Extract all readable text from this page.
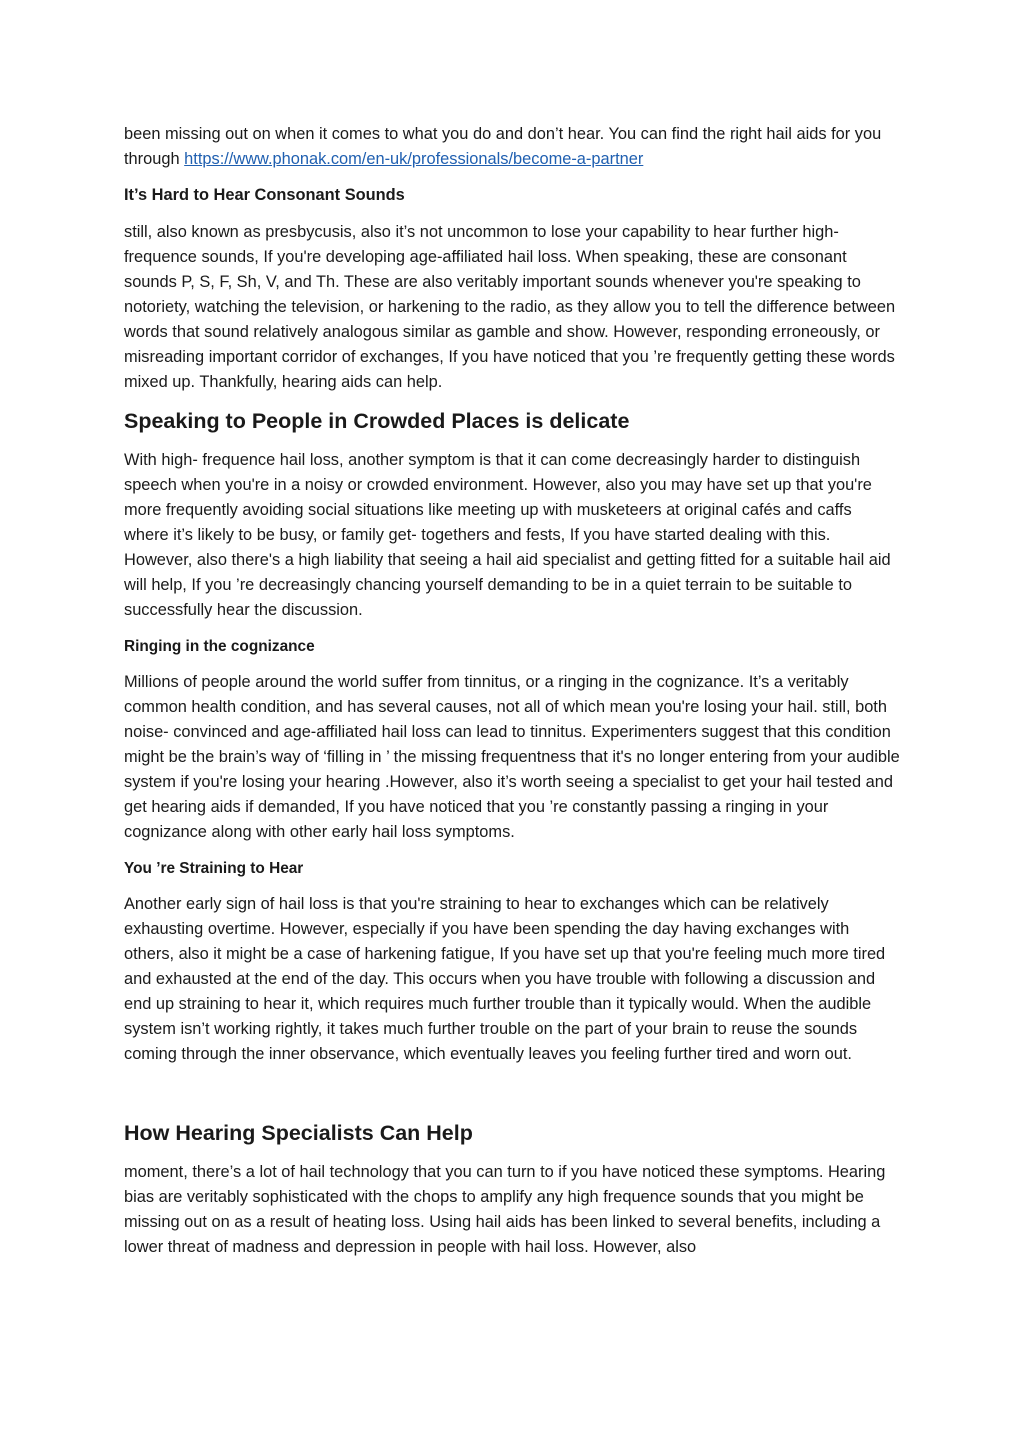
been missing out on when it comes to what you do and don’t hear. You can find the right hail aids for you through https://www.phonak.com/en-uk/professionals/become-a-partner

It’s Hard to Hear Consonant Sounds

still, also known as presbycusis, also it’s not uncommon to lose your capability to hear further high- frequence sounds, If you're developing age-affiliated hail loss. When speaking, these are consonant sounds P, S, F, Sh, V, and Th. These are also veritably important sounds whenever you're speaking to notoriety, watching the television, or harkening to the radio, as they allow you to tell the difference between words that sound relatively analogous similar as gamble and show. However, responding erroneously, or misreading important corridor of exchanges, If you have noticed that you ’re frequently getting these words mixed up. Thankfully, hearing aids can help.

Speaking to People in Crowded Places is delicate

With high- frequence hail loss, another symptom is that it can come decreasingly harder to distinguish speech when you're in a noisy or crowded environment. However, also you may have set up that you're more frequently avoiding social situations like meeting up with musketeers at original cafés and caffs where it’s likely to be busy, or family get- togethers and fests, If you have started dealing with this. However, also there's a high liability that seeing a hail aid specialist and getting fitted for a suitable hail aid will help, If you ’re decreasingly chancing yourself demanding to be in a quiet terrain to be suitable to successfully hear the discussion.

Ringing in the cognizance

Millions of people around the world suffer from tinnitus, or a ringing in the cognizance. It’s a veritably common health condition, and has several causes, not all of which mean you're losing your hail. still, both noise- convinced and age-affiliated hail loss can lead to tinnitus. Experimenters suggest that this condition might be the brain’s way of ‘filling in ’ the missing frequentness that it's no longer entering from your audible system if you're losing your hearing .However, also it’s worth seeing a specialist to get your hail tested and get hearing aids if demanded, If you have noticed that you ’re constantly passing a ringing in your cognizance along with other early hail loss symptoms.

You ’re Straining to Hear

Another early sign of hail loss is that you're straining to hear to exchanges which can be relatively exhausting overtime. However, especially if you have been spending the day having exchanges with others, also it might be a case of harkening fatigue, If you have set up that you're feeling much more tired and exhausted at the end of the day. This occurs when you have trouble with following a discussion and end up straining to hear it, which requires much further trouble than it typically would. When the audible system isn’t working rightly, it takes much further trouble on the part of your brain to reuse the sounds coming through the inner observance, which eventually leaves you feeling further tired and worn out.

How Hearing Specialists Can Help

moment, there’s a lot of hail technology that you can turn to if you have noticed these symptoms. Hearing bias are veritably sophisticated with the chops to amplify any high frequence sounds that you might be missing out on as a result of heating loss. Using hail aids has been linked to several benefits, including a lower threat of madness and depression in people with hail loss. However, also
